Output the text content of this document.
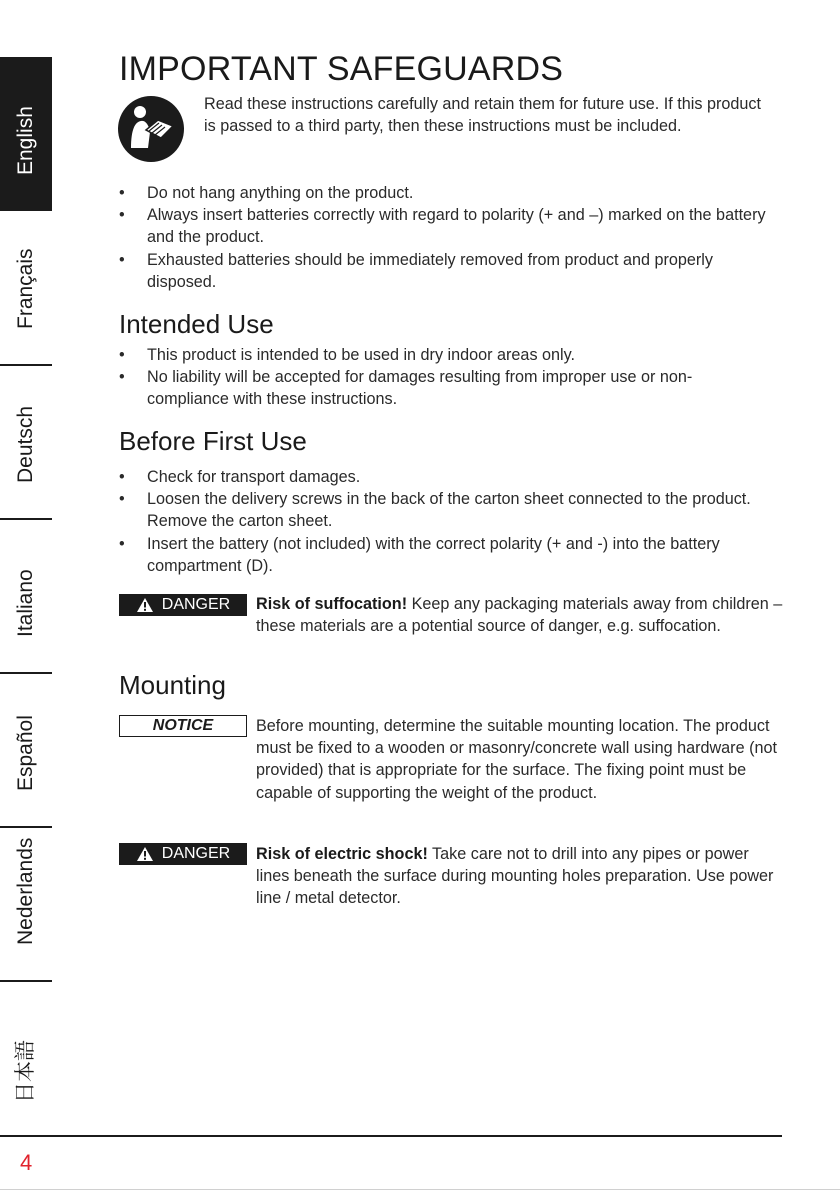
English
Français
Deutsch
Italiano
Español
Nederlands
日本語
IMPORTANT SAFEGUARDS

Read these instructions carefully and retain them for future use. If this product is passed to a third party, then these instructions must be included.

• Do not hang anything on the product.
• Always insert batteries correctly with regard to polarity (+ and –) marked on the battery and the product.
• Exhausted batteries should be immediately removed from product and properly disposed.
Intended Use
• This product is intended to be used in dry indoor areas only.
• No liability will be accepted for damages resulting from improper use or non-compliance with these instructions.
Before First Use
• Check for transport damages.
• Loosen the delivery screws in the back of the carton sheet connected to the product. Remove the carton sheet.
• Insert the battery (not included) with the correct polarity (+ and -) into the battery compartment (D).
DANGER Risk of suffocation! Keep any packaging materials away from children – these materials are a potential source of danger, e.g. suffocation.

Mounting
NOTICE	Before mounting, determine the suitable mounting location. The product must be fixed to a wooden or masonry/concrete wall using hardware (not provided) that is appropriate for the surface. The fixing point must be capable of supporting the weight of the product.

DANGER Risk of electric shock! Take care not to drill into any pipes or power lines beneath the surface during mounting holes preparation. Use power line / metal detector.

4
